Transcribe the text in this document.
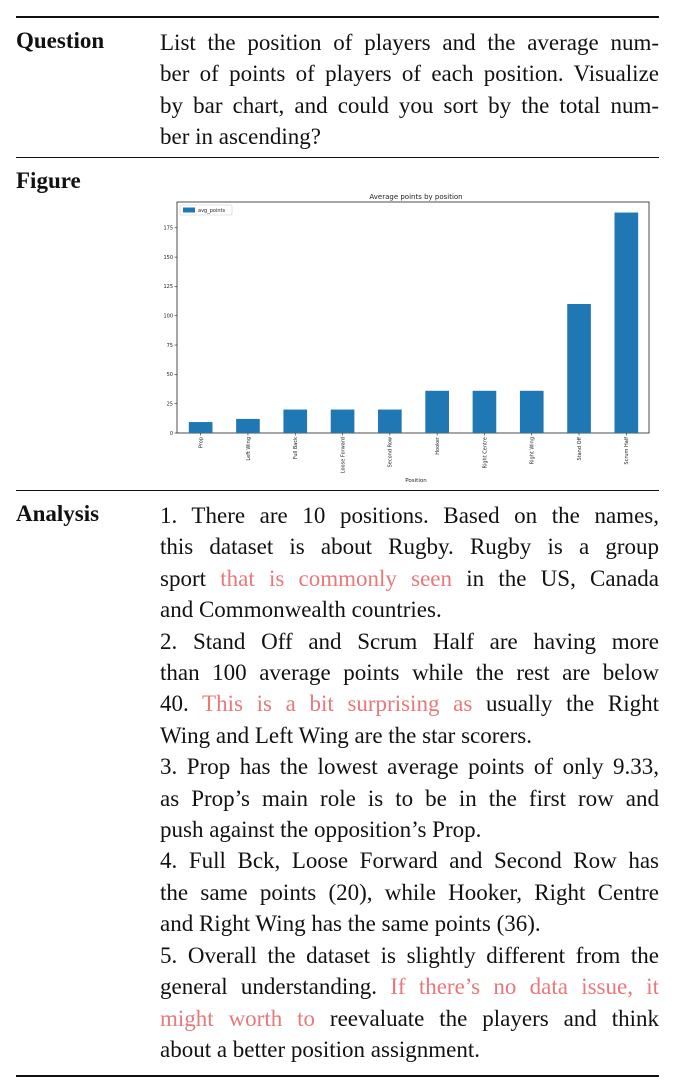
Question List the position of players and the average num-
ber of points of players of each position. Visualize
by bar chart, and could you sort by the total num-
ber in ascending?
Figure
Average points by position
0
25
50
75
100
125
150
175
Prop	Left Wing	Full Back	Loose Forward	Second Row	Hooker	Right Centre	Right Wing	Stand Off	Scrum Half
avg_points
Position
Analysis	1. There are 10 positions. Based on the names,
this dataset is about Rugby. Rugby is a group
sport that is commonly seen in the US, Canada
and Commonwealth countries.
2. Stand Off and Scrum Half are having more
than 100 average points while the rest are below
40. This is a bit surprising as usually the Right
Wing and Left Wing are the star scorers.
3. Prop has the lowest average points of only 9.33,
as Prop’s main role is to be in the first row and
push against the opposition’s Prop.
4. Full Bck, Loose Forward and Second Row has
the same points (20), while Hooker, Right Centre
and Right Wing has the same points (36).
5. Overall the dataset is slightly different from the
general understanding. If there’s no data issue, it
might worth to reevaluate the players and think
about a better position assignment.
